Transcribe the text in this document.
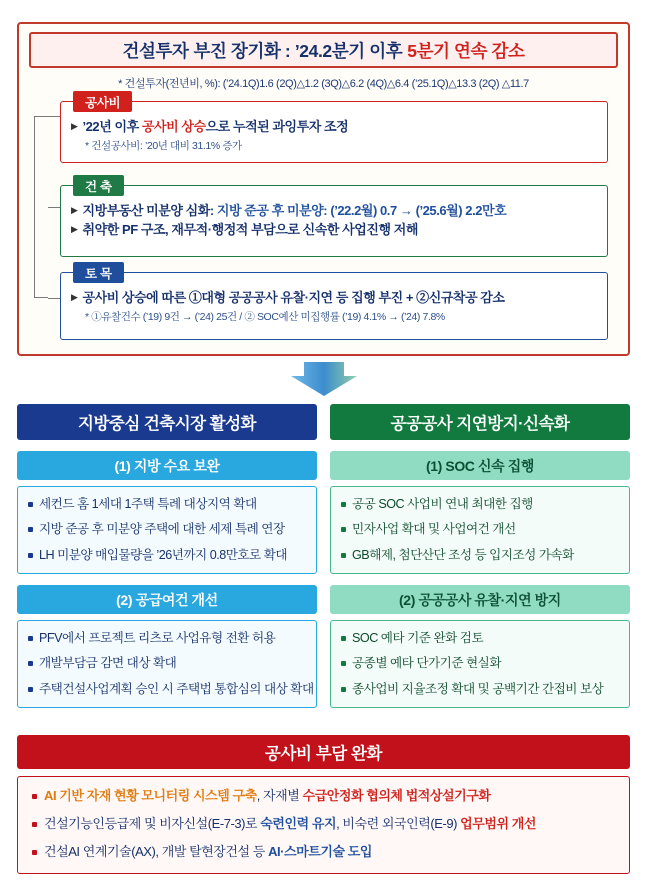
건설투자 부진 장기화 : ’24.2분기 이후 5분기 연속 감소
* 건설투자(전년비, %): (’24.1Q)1.6 (2Q)△1.2 (3Q)△6.2 (4Q)△6.4 (’25.1Q)△13.3 (2Q) △11.7
공사비
▶ ’22년 이후 공사비 상승으로 누적된 과잉투자 조정
* 건설공사비: ’20년 대비 31.1% 증가
건 축
▶ 지방부동산 미분양 심화: 지방 준공 후 미분양: (’22.2월) 0.7 → (’25.6월) 2.2만호
▶ 취약한 PF 구조, 재무적·행정적 부담으로 신속한 사업진행 저해
토 목
▶ 공사비 상승에 따른 ①대형 공공공사 유찰·지연 등 집행 부진 + ②신규착공 감소
* ①유찰건수 (’19) 9건 → (’24) 25건 / ② SOC예산 미집행률 (’19) 4.1% → (’24) 7.8%
지방중심 건축시장 활성화
(1) 지방 수요 보완
세컨드 홈 1세대 1주택 특례 대상지역 확대
지방 준공 후 미분양 주택에 대한 세제 특례 연장
LH 미분양 매입물량을 ’26년까지 0.8만호로 확대
(2) 공급여건 개선
PFV에서 프로젝트 리츠로 사업유형 전환 허용
개발부담금 감면 대상 확대
주택건설사업계획 승인 시 주택법 통합심의 대상 확대
공공공사 지연방지·신속화
(1) SOC 신속 집행
공공 SOC 사업비 연내 최대한 집행
민자사업 확대 및 사업여건 개선
GB해제, 첨단산단 조성 등 입지조성 가속화
(2) 공공공사 유찰·지연 방지
SOC 예타 기준 완화 검토
공종별 예타 단가기준 현실화
종사업비 지율조정 확대 및 공백기간 간접비 보상
공사비 부담 완화
AI 기반 자재 현황 모니터링 시스템 구축, 자재별 수급안정화 협의체 법적상설기구화
건설기능인등급제 및 비자신설(E-7-3)로 숙련인력 유지, 비숙련 외국인력(E-9) 업무범위 개선
건설AI 연계기술(AX), 개발 탈현장건설 등 AI·스마트기술 도입
